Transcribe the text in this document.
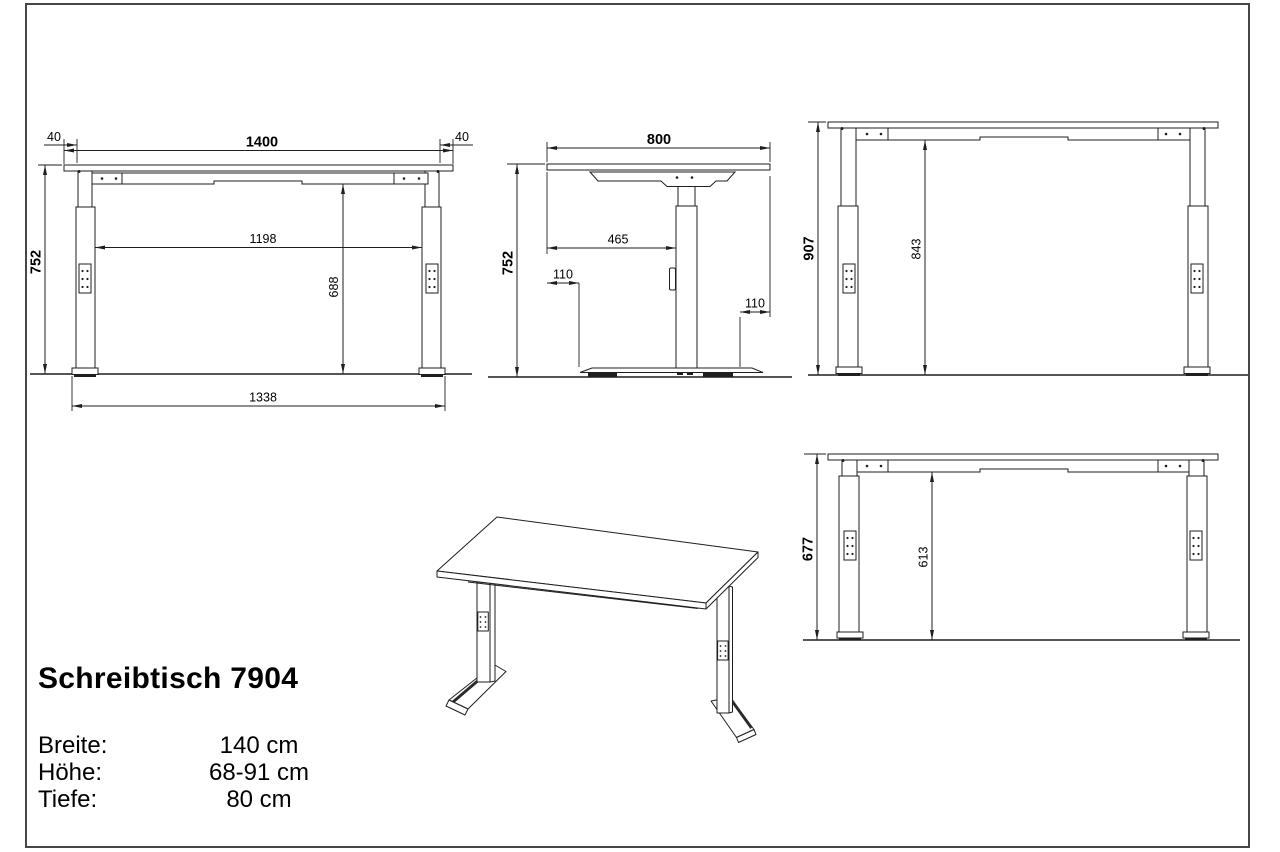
40	1400	40
752
1198
688
1338
800
752
465
110
110
907	843
677	613
Schreibtisch 7904
Breite:	140 cm
Höhe:	68-91 cm
Tiefe:	80 cm
